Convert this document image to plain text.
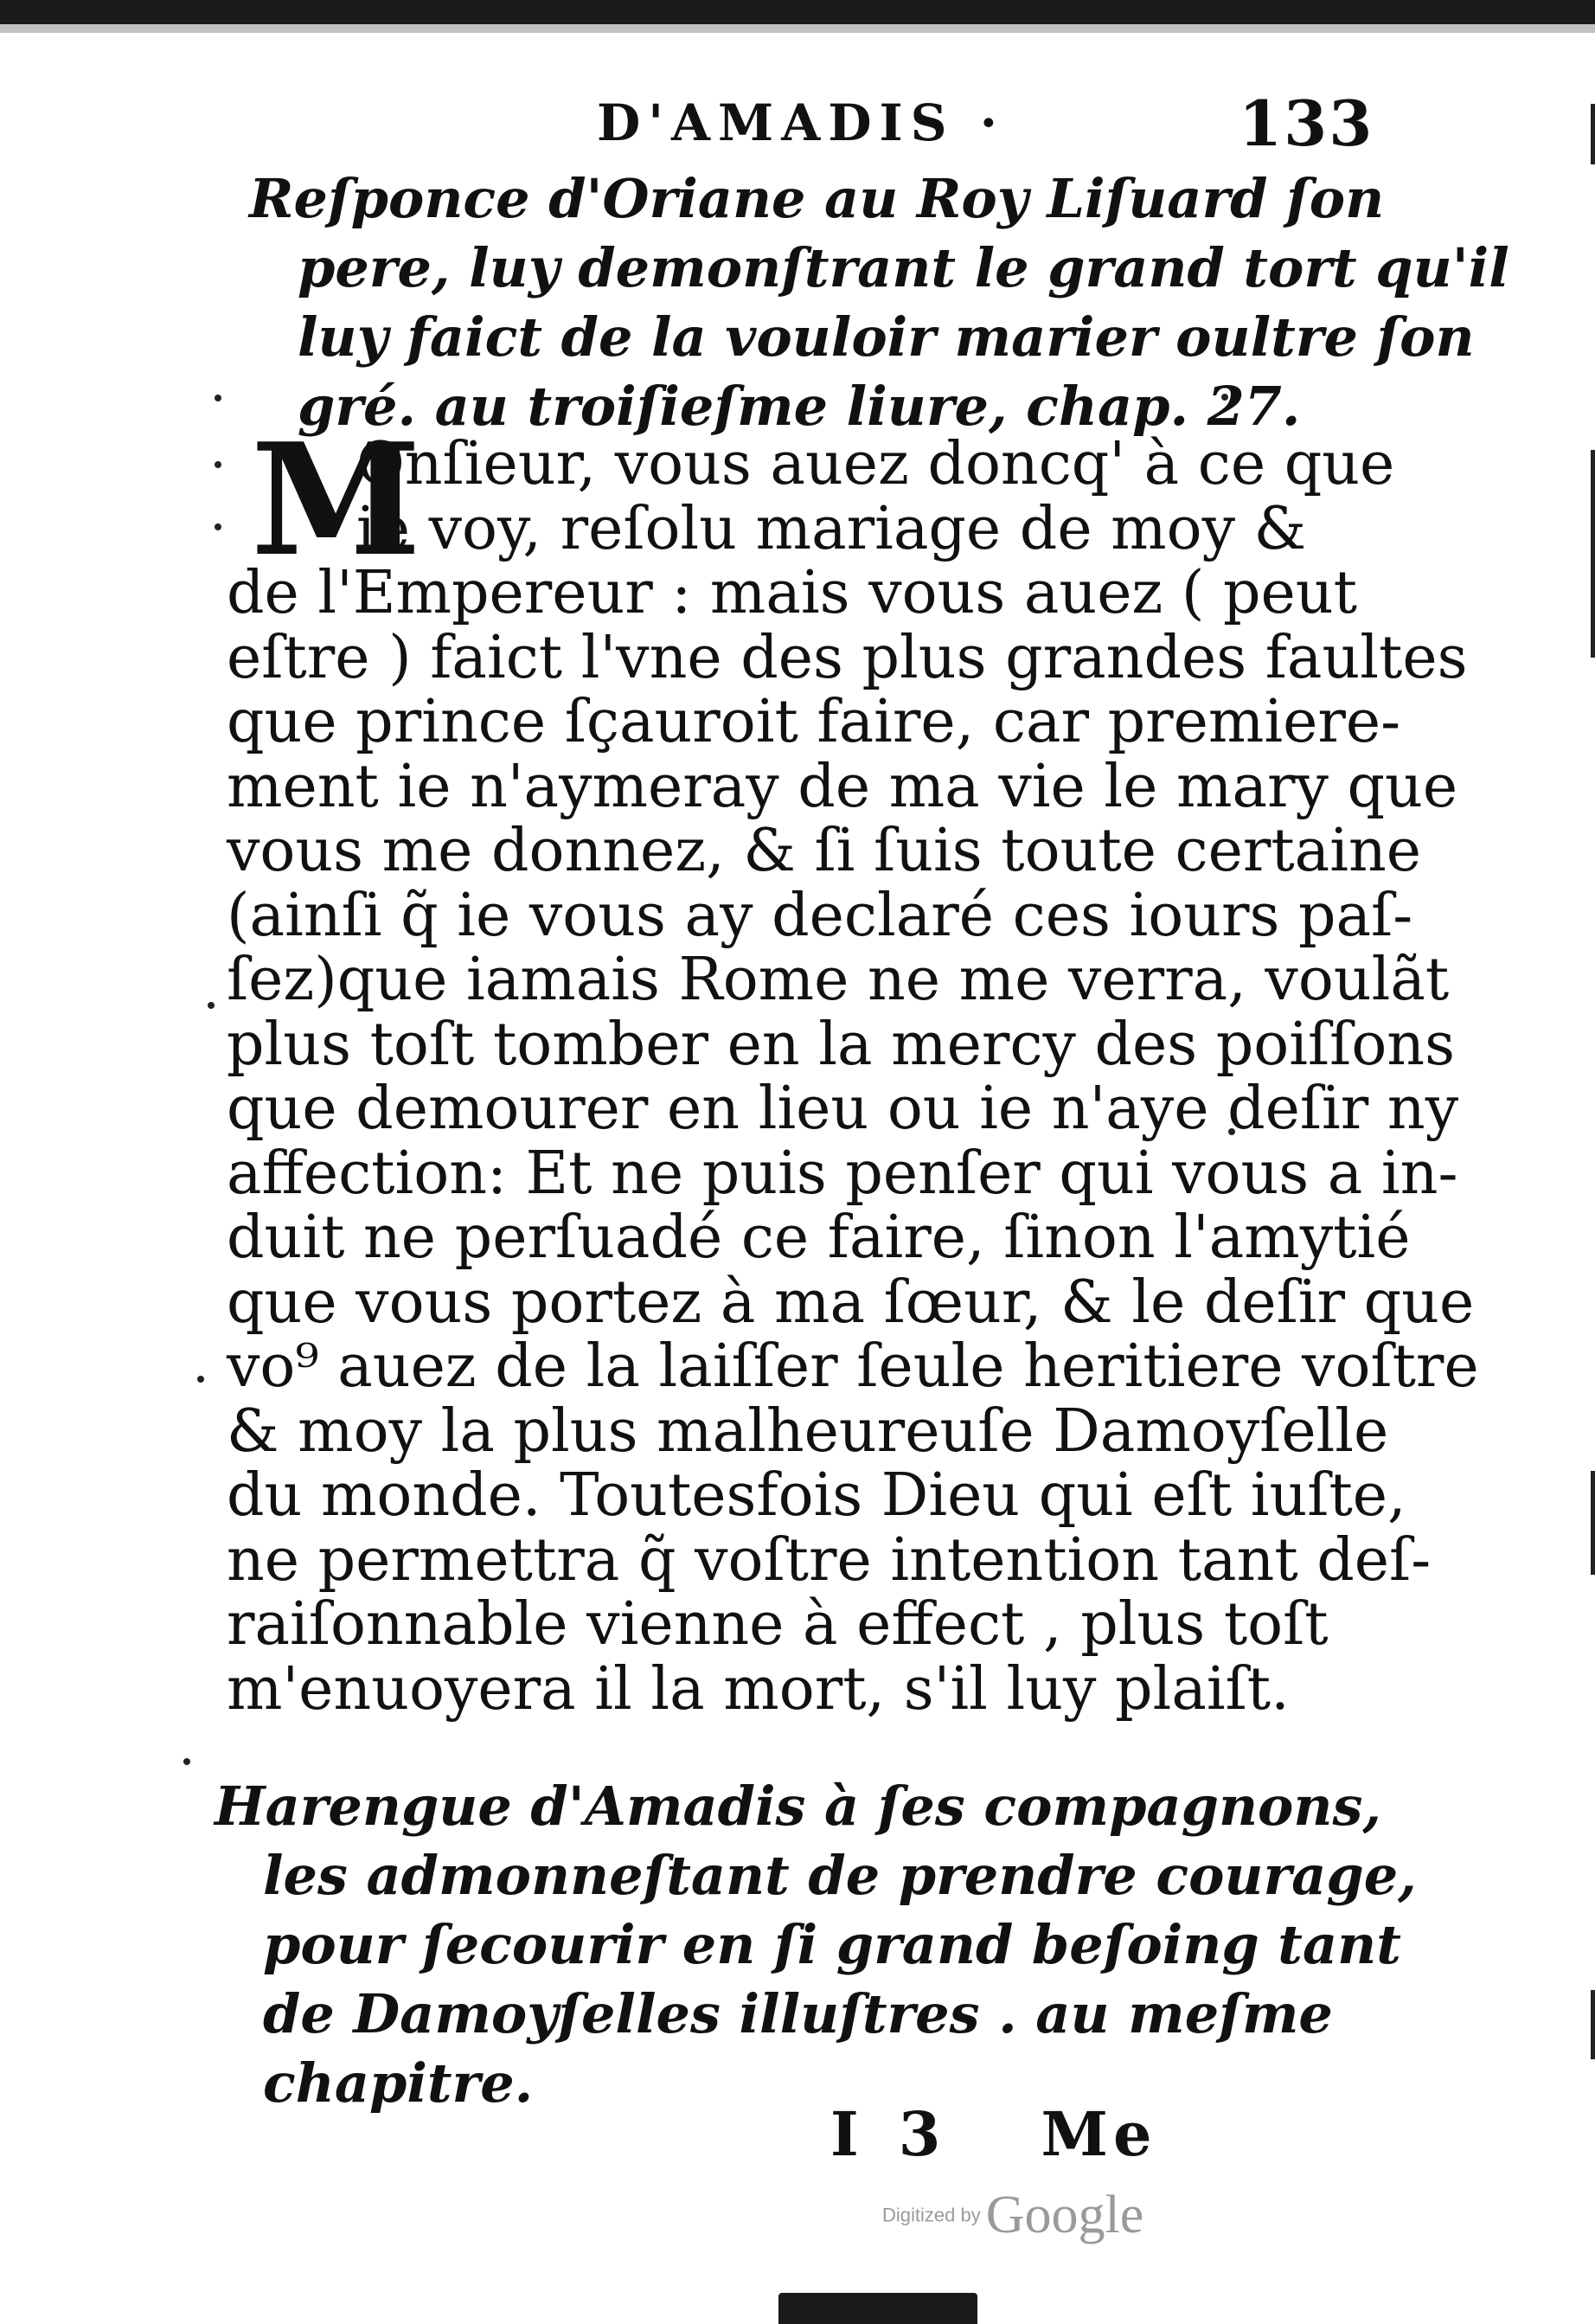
D'AMADIS ·	133
Reſponce d'Oriane au Roy Liſuard ſon
pere, luy demonſtrant le grand tort qu'il
luy faict de la vouloir marier oultre ſon
gré. au troiſieſme liure, chap. 27.
M
Onſieur, vous auez doncq' à ce que
ie voy, reſolu mariage de moy &
de l'Empereur : mais vous auez ( peut
eſtre ) faict l'vne des plus grandes faultes
que prince ſçauroit faire, car premiere-
ment ie n'aymeray de ma vie le mary que
vous me donnez, & ſi ſuis toute certaine
(ainſi q̃ ie vous ay declaré ces iours paſ-
ſez)que iamais Rome ne me verra, voulãt
plus toſt tomber en la mercy des poiſſons
que demourer en lieu ou ie n'aye deſir ny
affection: Et ne puis penſer qui vous a in-
duit ne perſuadé ce faire, ſinon l'amytié
que vous portez à ma ſœur, & le deſir que
vo⁹ auez de la laiſſer ſeule heritiere voſtre
& moy la plus malheureuſe Damoyſelle
du monde. Toutesfois Dieu qui eſt iuſte,
ne permettra q̃ voſtre intention tant deſ-
raiſonnable vienne à effect , plus toſt
m'enuoyera il la mort, s'il luy plaiſt.
Harengue d'Amadis à ſes compagnons,
les admonneſtant de prendre courage,
pour ſecourir en ſi grand beſoing tant
de Damoyſelles illuſtres . au meſme
chapitre.
I 3 Me
Digitized byGoogle
